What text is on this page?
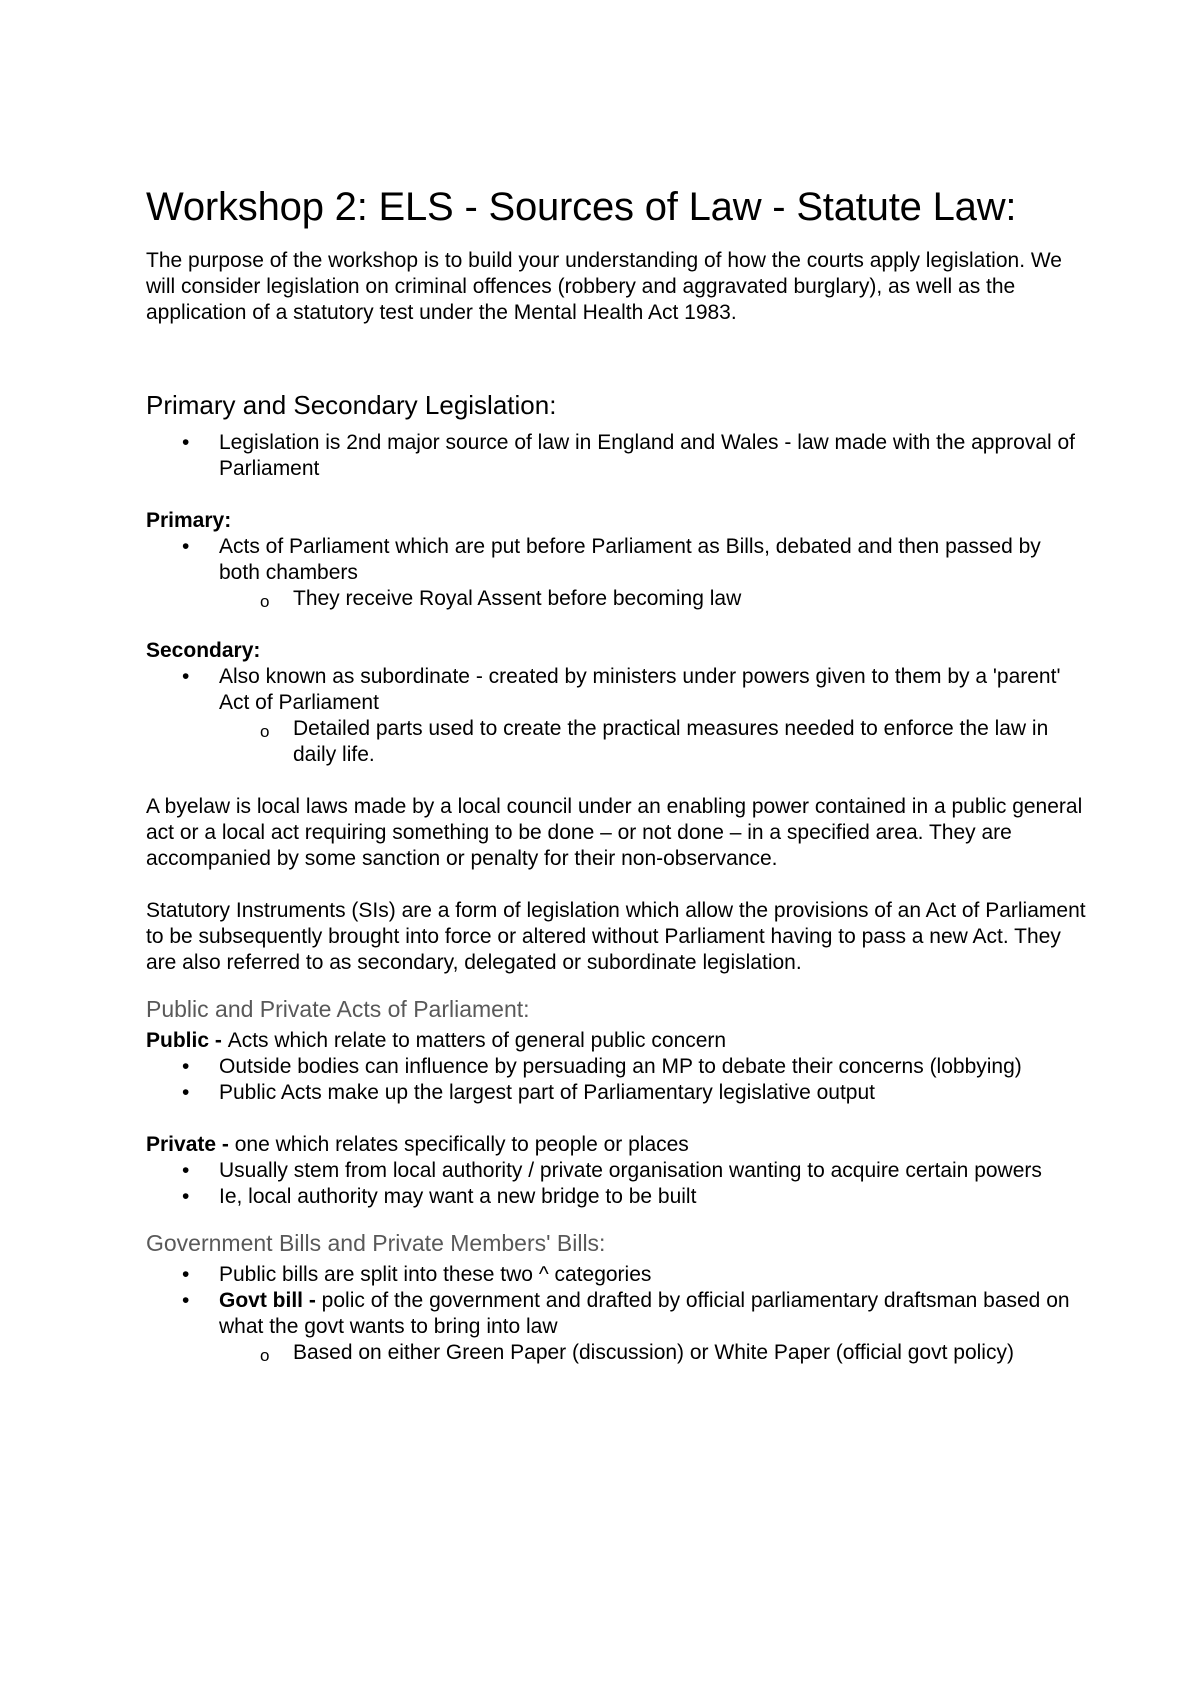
Workshop 2: ELS - Sources of Law - Statute Law:

The purpose of the workshop is to build your understanding of how the courts apply legislation. We will consider legislation on criminal offences (robbery and aggravated burglary), as well as the application of a statutory test under the Mental Health Act 1983.

Primary and Secondary Legislation:
• Legislation is 2nd major source of law in England and Wales - law made with the approval of Parliament

Primary:

• Acts of Parliament which are put before Parliament as Bills, debated and then passed by both chambers
o They receive Royal Assent before becoming law

Secondary:

• Also known as subordinate - created by ministers under powers given to them by a 'parent' Act of Parliament
o Detailed parts used to create the practical measures needed to enforce the law in daily life.

A byelaw is local laws made by a local council under an enabling power contained in a public general act or a local act requiring something to be done – or not done – in a specified area. They are accompanied by some sanction or penalty for their non-observance.

Statutory Instruments (SIs) are a form of legislation which allow the provisions of an Act of Parliament to be subsequently brought into force or altered without Parliament having to pass a new Act. They are also referred to as secondary, delegated or subordinate legislation.

Public and Private Acts of Parliament:

Public - Acts which relate to matters of general public concern

• Outside bodies can influence by persuading an MP to debate their concerns (lobbying)
• Public Acts make up the largest part of Parliamentary legislative output

Private - one which relates specifically to people or places

• Usually stem from local authority / private organisation wanting to acquire certain powers
• Ie, local authority may want a new bridge to be built
Government Bills and Private Members' Bills:
• Public bills are split into these two ^ categories
• Govt bill - polic of the government and drafted by official parliamentary draftsman based on what the govt wants to bring into law
o Based on either Green Paper (discussion) or White Paper (official govt policy)
